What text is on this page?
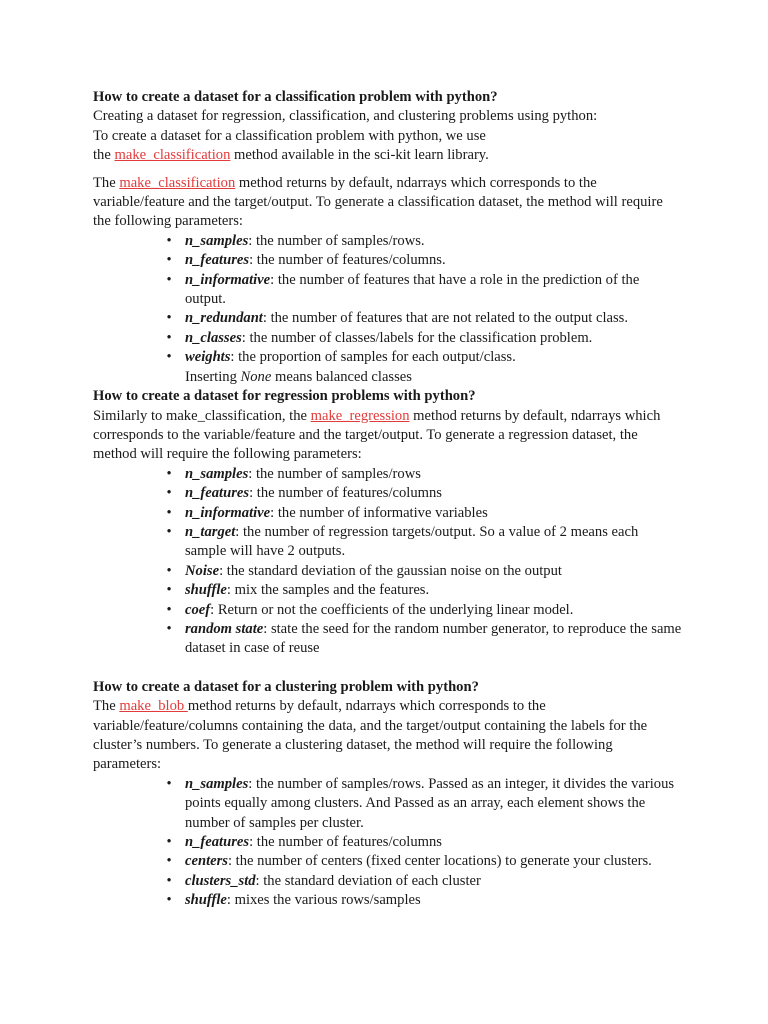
How to create a dataset for a classification problem with python?

Creating a dataset for regression, classification, and clustering problems using python:

To create a dataset for a classification problem with python, we use

the make_classification method available in the sci-kit learn library.

The make_classification method returns by default, ndarrays which corresponds to the variable/feature and the target/output. To generate a classification dataset, the method will require the following parameters:

• n_samples: the number of samples/rows.
• n_features: the number of features/columns.
• n_informative: the number of features that have a role in the prediction of the output.
• n_redundant: the number of features that are not related to the output class.
• n_classes: the number of classes/labels for the classification problem.
• weights: the proportion of samples for each output/class.

Inserting None means balanced classes

How to create a dataset for regression problems with python?

Similarly to make_classification, the make_regression method returns by default, ndarrays which corresponds to the variable/feature and the target/output. To generate a regression dataset, the method will require the following parameters:

• n_samples: the number of samples/rows
• n_features: the number of features/columns
• n_informative: the number of informative variables
• n_target: the number of regression targets/output. So a value of 2 means each sample will have 2 outputs.
• Noise: the standard deviation of the gaussian noise on the output
• shuffle: mix the samples and the features.
• coef: Return or not the coefficients of the underlying linear model.
• random state: state the seed for the random number generator, to reproduce the same dataset in case of reuse
How to create a dataset for a clustering problem with python?

The make_blob method returns by default, ndarrays which corresponds to the variable/feature/columns containing the data, and the target/output containing the labels for the cluster’s numbers. To generate a clustering dataset, the method will require the following parameters:

• n_samples: the number of samples/rows. Passed as an integer, it divides the various points equally among clusters. And Passed as an array, each element shows the number of samples per cluster.
• n_features: the number of features/columns
• centers: the number of centers (fixed center locations) to generate your clusters.
• clusters_std: the standard deviation of each cluster
• shuffle: mixes the various rows/samples
